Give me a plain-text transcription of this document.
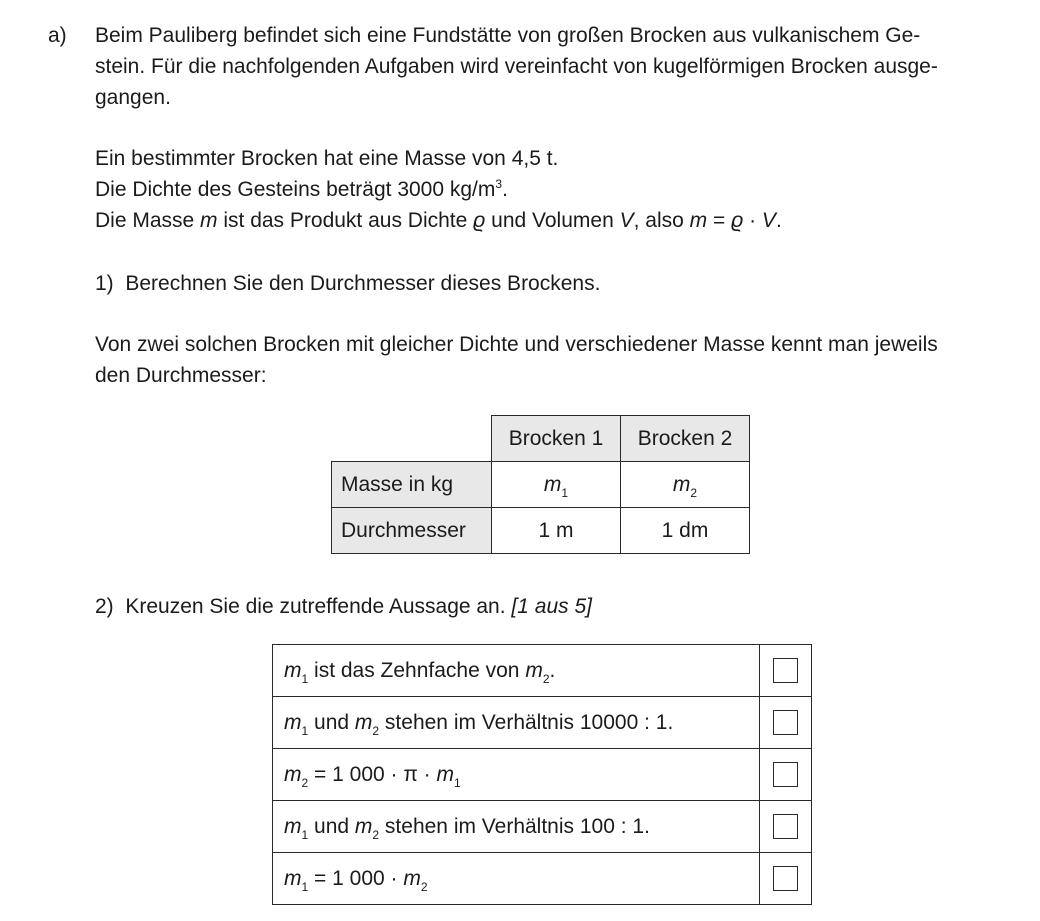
a) Beim Pauliberg befindet sich eine Fundstätte von großen Brocken aus vulkanischem Ge-
stein. Für die nachfolgenden Aufgaben wird vereinfacht von kugelförmigen Brocken ausge-
gangen.

Ein bestimmter Brocken hat eine Masse von 4,5 t.
Die Dichte des Gesteins beträgt 3000 $kg/m^3$.
Die Masse m ist das Produkt aus Dichte ϱ und Volumen V, also m = ϱ · V.

1) Berechnen Sie den Durchmesser dieses Brockens.

Von zwei solchen Brocken mit gleicher Dichte und verschiedener Masse kennt man jeweils
den Durchmesser:

	Brocken 1	Brocken 2
Masse in kg	$m_1$	$m_2$
Durchmesser	1 m	1 dm

2) Kreuzen Sie die zutreffende Aussage an. [1 aus 5]

$m_1$ ist das Zehnfache von $m_2$.	
$m_1$ und $m_2$ stehen im Verhältnis 10000 : 1.	
$m_2 = 1$ $000 \cdot \pi \cdot m_1$	
$m_1$ und $m_2$ stehen im Verhältnis 100 : 1.	
$m_1 = 1$ $000 \cdot m_2$	
